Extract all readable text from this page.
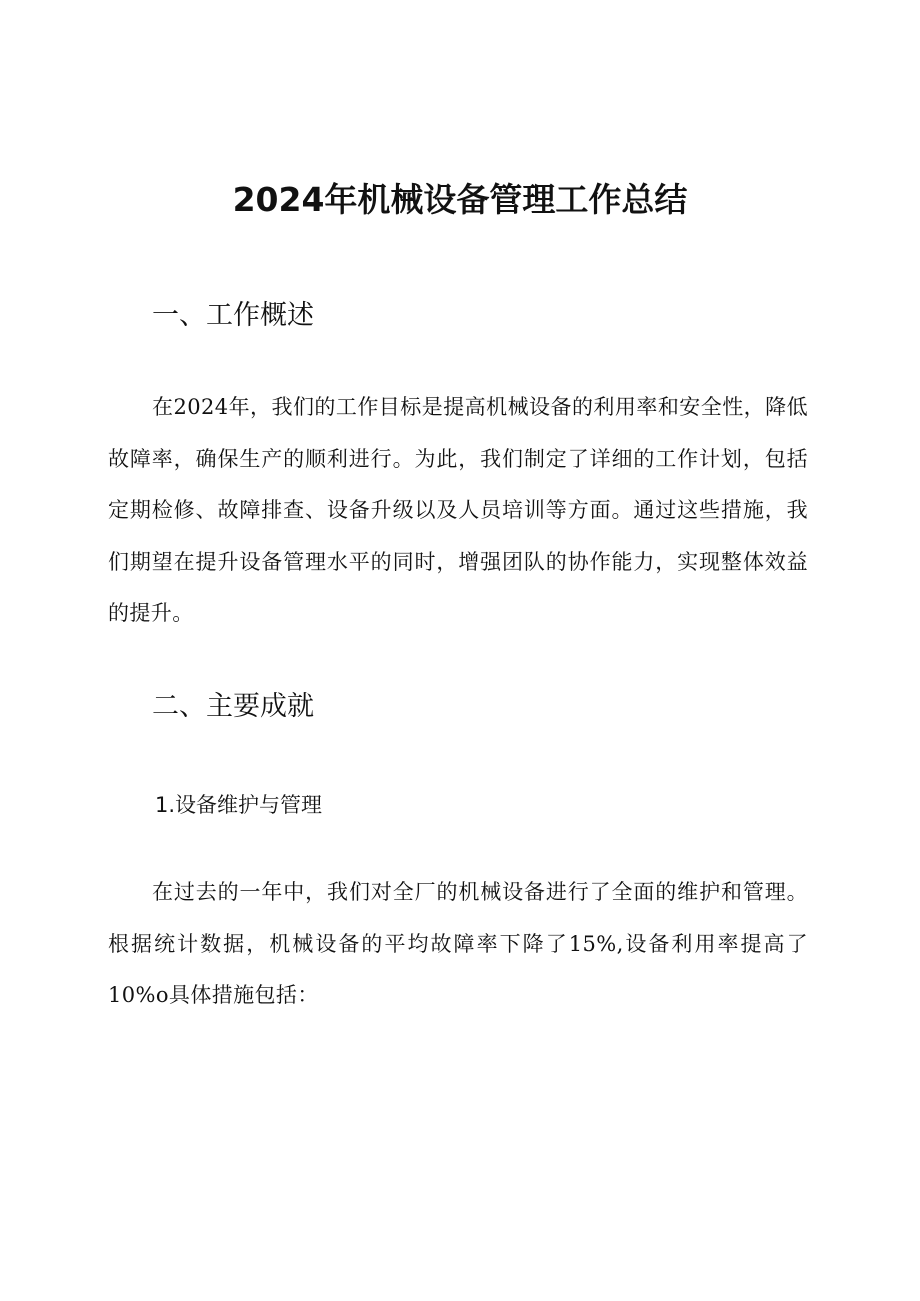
2024年机械设备管理工作总结
一、工作概述
在2024年，我们的工作目标是提高机械设备的利用率和安全性，降低故障率，确保生产的顺利进行。为此，我们制定了详细的工作计划，包括定期检修、故障排查、设备升级以及人员培训等方面。通过这些措施，我们期望在提升设备管理水平的同时，增强团队的协作能力，实现整体效益的提升。
二、主要成就
1.设备维护与管理
在过去的一年中，我们对全厂的机械设备进行了全面的维护和管理。根据统计数据，机械设备的平均故障率下降了15%,设备利用率提高了10%o具体措施包括：
